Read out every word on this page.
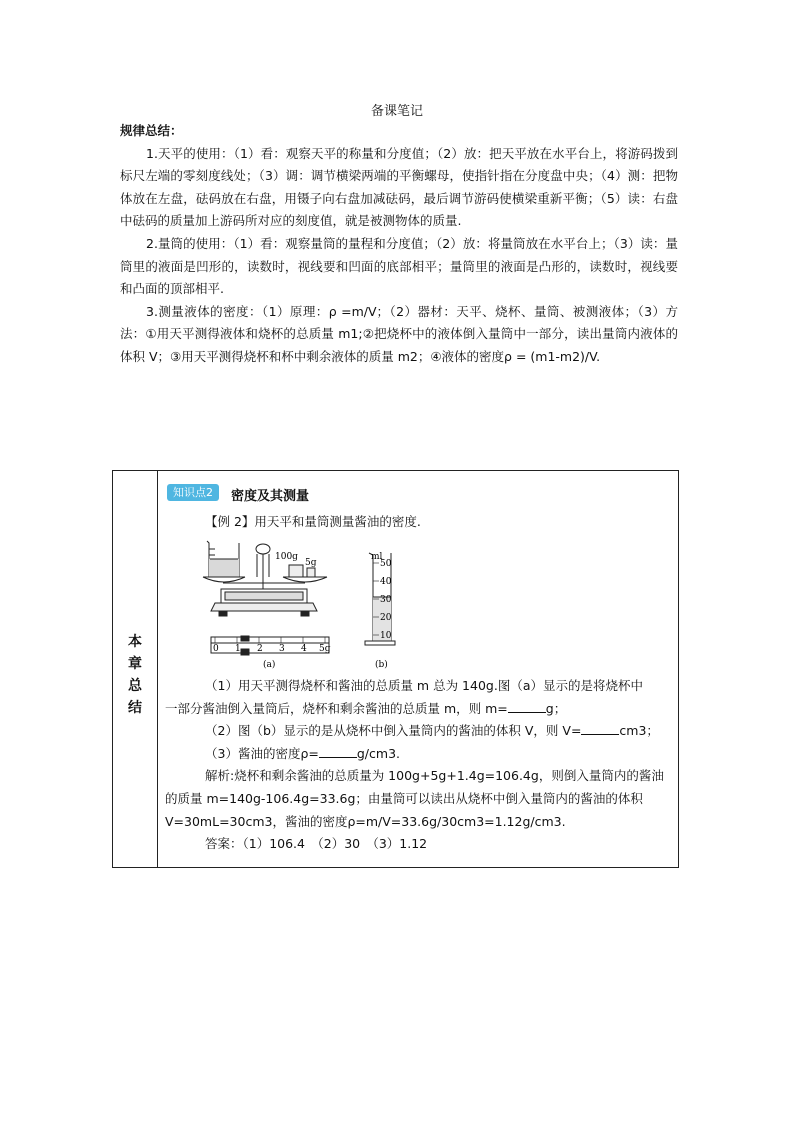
备课笔记
规律总结：

1.天平的使用：（1）看：观察天平的称量和分度值；（2）放：把天平放在水平台上，将游码拨到标尺左端的零刻度线处；（3）调：调节横梁两端的平衡螺母，使指针指在分度盘中央；（4）测：把物体放在左盘，砝码放在右盘，用镊子向右盘加减砝码，最后调节游码使横梁重新平衡；（5）读：右盘中砝码的质量加上游码所对应的刻度值，就是被测物体的质量.

2.量筒的使用：（1）看：观察量筒的量程和分度值；（2）放：将量筒放在水平台上；（3）读：量筒里的液面是凹形的，读数时，视线要和凹面的底部相平；量筒里的液面是凸形的，读数时，视线要和凸面的顶部相平.

3.测量液体的密度：（1）原理：ρ =m/V；（2）器材：天平、烧杯、量筒、被测液体；（3）方法：①用天平测得液体和烧杯的总质量 m1;②把烧杯中的液体倒入量筒中一部分，读出量筒内液体的体积 V；③用天平测得烧杯和杯中剩余液体的质量 m2；④液体的密度ρ = (m1-m2)/V.

本
章
总
结
知识点2	密度及其测量
【例 2】用天平和量筒测量酱油的密度.
100g
5g
0 1 2 3 4 5g
(a)
ml
50
40
30
20
10
(b)

（1）用天平测得烧杯和酱油的总质量 m 总为 140g.图（a）显示的是将烧杯中

一部分酱油倒入量筒后，烧杯和剩余酱油的总质量 m，则 m=	g；

（2）图（b）显示的是从烧杯中倒入量筒内的酱油的体积 V，则 V=	cm3；

（3）酱油的密度ρ=	g/cm3.

解析:烧杯和剩余酱油的总质量为 100g+5g+1.4g=106.4g，则倒入量筒内的酱油

的质量 m=140g-106.4g=33.6g；由量筒可以读出从烧杯中倒入量筒内的酱油的体积

V=30mL=30cm3，酱油的密度ρ=m/V=33.6g/30cm3=1.12g/cm3.

答案：（1）106.4　（2）30　（3）1.12
